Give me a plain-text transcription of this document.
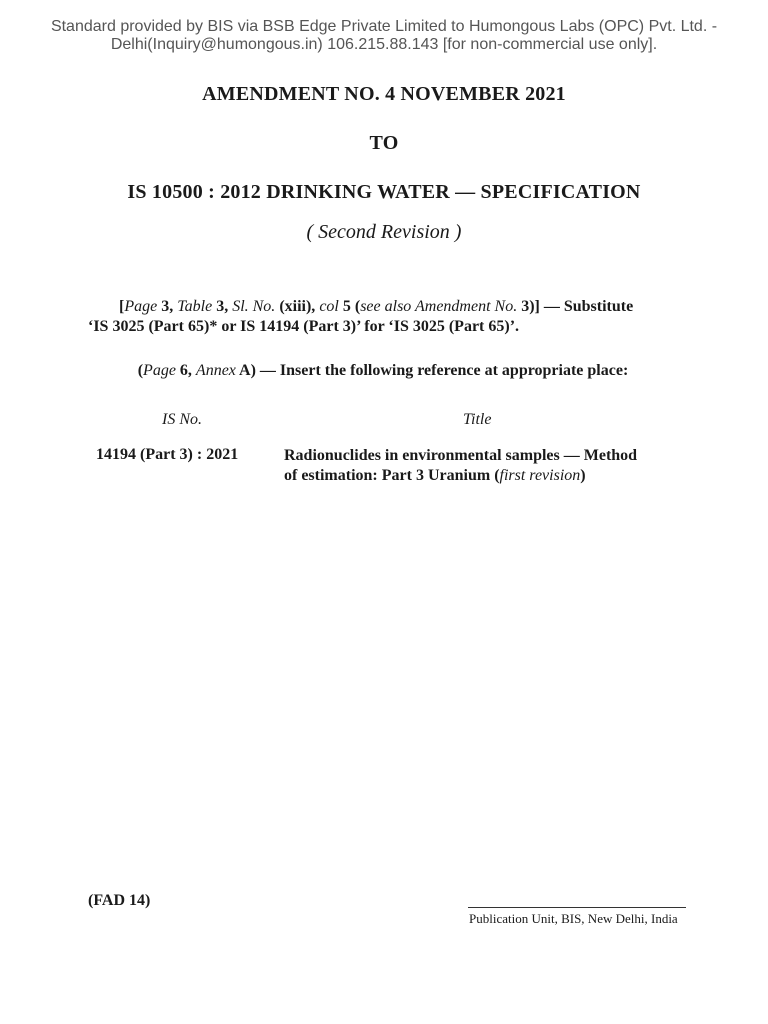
Standard provided by BIS via BSB Edge Private Limited to Humongous Labs (OPC) Pvt. Ltd. -
Delhi(Inquiry@humongous.in) 106.215.88.143 [for non-commercial use only].
AMENDMENT NO. 4 NOVEMBER 2021
TO
IS 10500 : 2012 DRINKING WATER — SPECIFICATION
( Second Revision )
[Page 3, Table 3, Sl. No. (xiii), col 5 (see also Amendment No. 3)] — Substitute
‘IS 3025 (Part 65)* or IS 14194 (Part 3)’ for ‘IS 3025 (Part 65)’.
(Page 6, Annex A) — Insert the following reference at appropriate place:
IS No.	Title
14194 (Part 3) : 2021	Radionuclides in environmental samples — Method
of estimation: Part 3 Uranium (first revision)
(FAD 14)
Publication Unit, BIS, New Delhi, India
